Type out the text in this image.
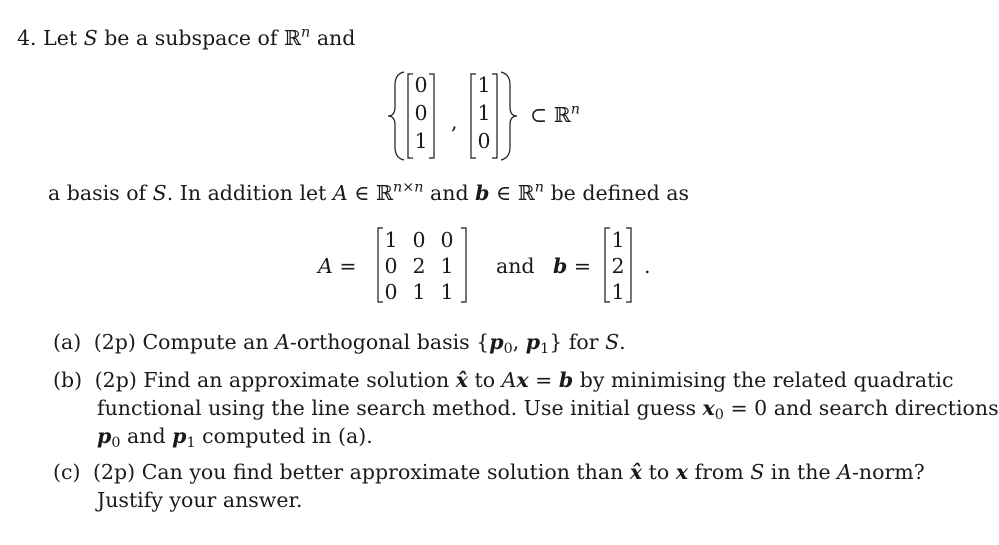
4. Let S be a subspace of ℝ$^n$ and
0
0
1
,
1
1
0
⊂ ℝ$^n$
a basis of S. In addition let A ∈ ℝ$^{n\times n}$ and b ∈ ℝ$^n$ be defined as
A =
1 0 0
0 2 1
0 1 1
and b =
1
2
1
.
(a) (2p) Compute an A-orthogonal basis {$p_0$, $p_1$} for S.
(b) (2p) Find an approximate solution x̂ to Ax = b by minimising the related quadratic
functional using the line search method. Use initial guess $x_0 = 0$ and search directions
$p_0$ and $p_1$ computed in (a).
(c) (2p) Can you find better approximate solution than x̂ to x from S in the A-norm?
Justify your answer.
